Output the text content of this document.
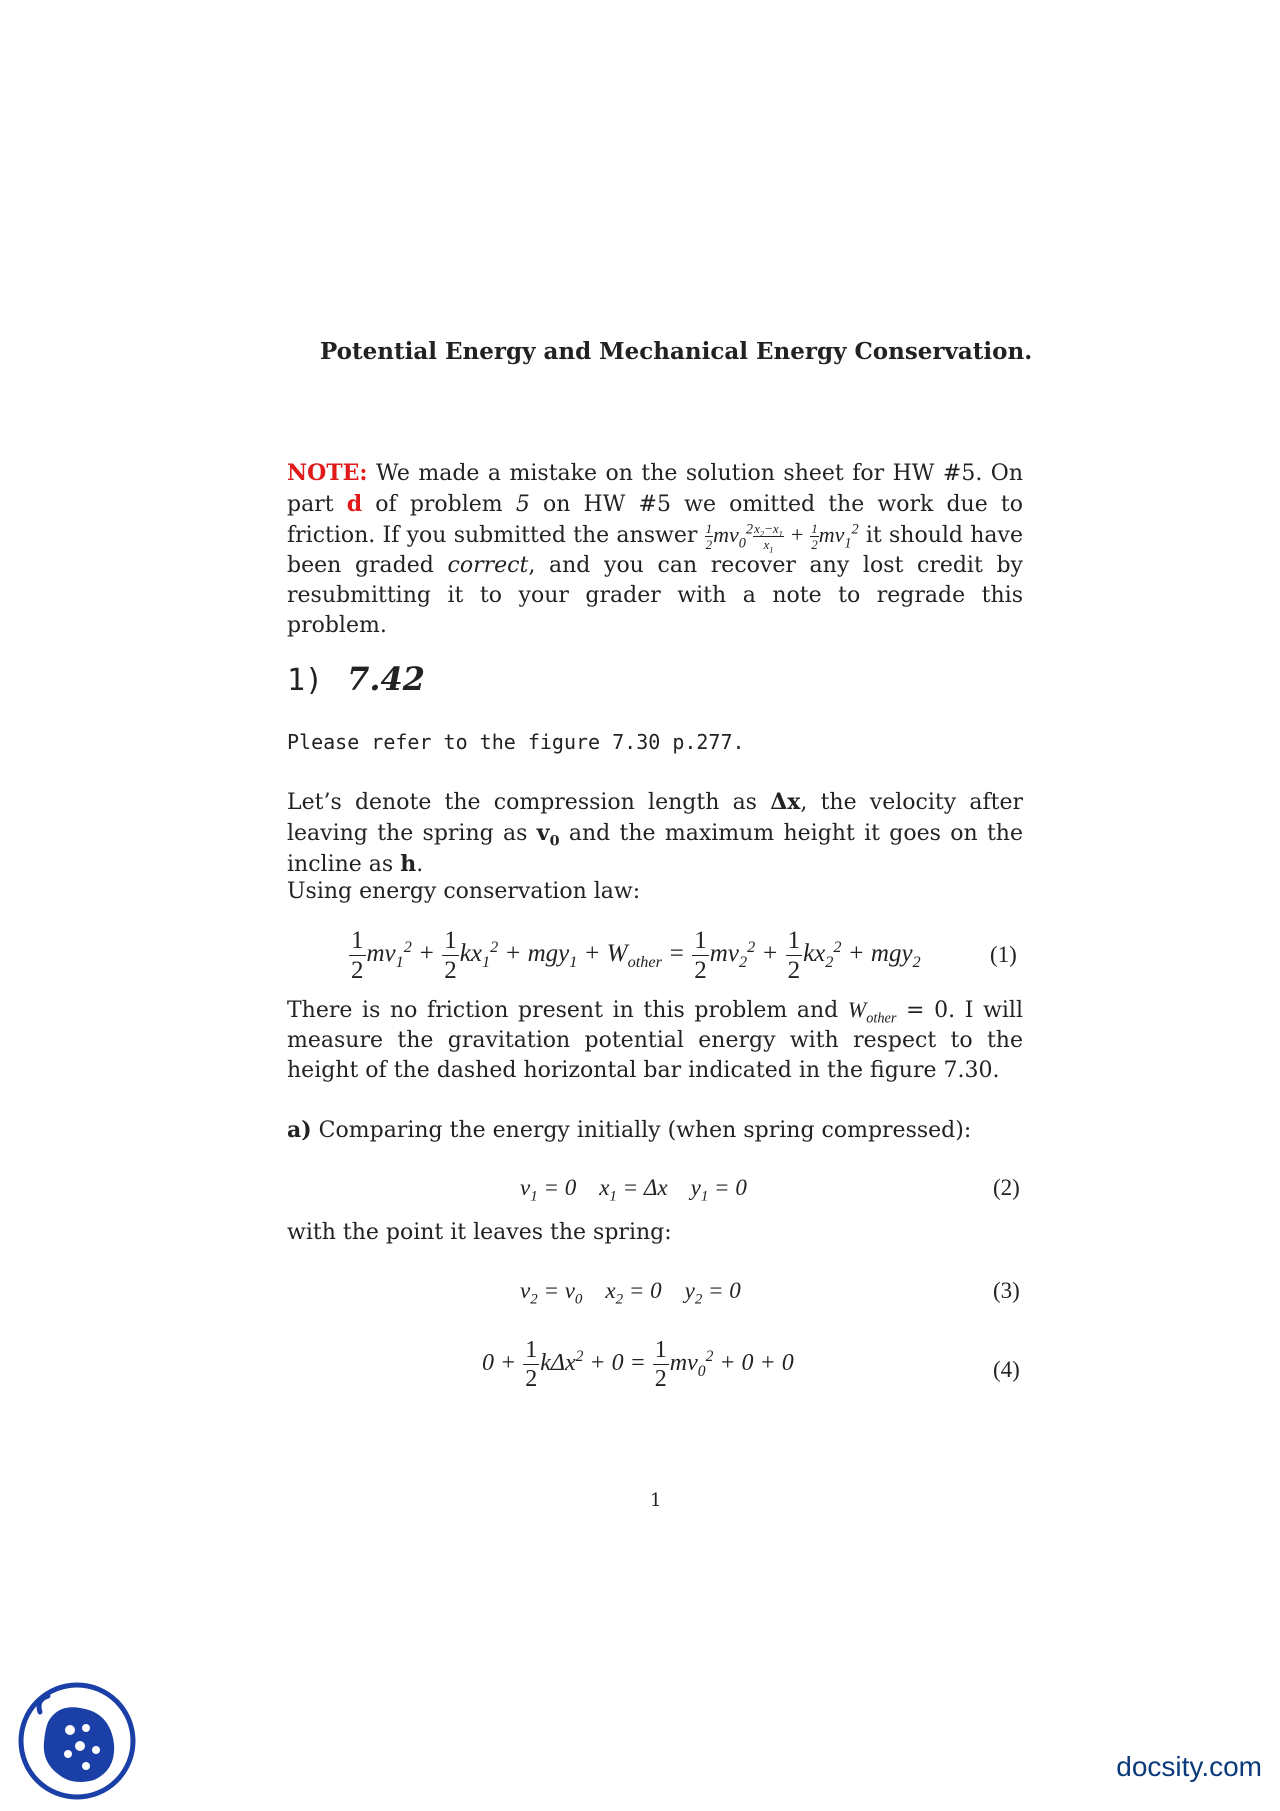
Potential Energy and Mechanical Energy Conservation.
NOTE: We made a mistake on the solution sheet for HW #5. On part d of problem 5 on HW #5 we omitted the work due to friction. If you submitted the answer $\frac{1}{2} mv_0^2 \frac{x_2-x_1}{x_1} + \frac{1}{2} mv_1^2$ it should have been graded correct, and you can recover any lost credit by resubmitting it to your grader with a note to regrade this problem.
1) 7.42
Please refer to the figure 7.30 p.277.
Let’s denote the compression length as Δx, the velocity after leaving the spring as $v_0$ and the maximum height it goes on the incline as h.
Using energy conservation law:
$\frac{1}{2} mv_1^2 + \frac{1}{2} kx_1^2 + mgy_1 + W_{other} = \frac{1}{2} mv_2^2 + \frac{1}{2} kx_2^2 + mgy_2$	(1)
There is no friction present in this problem and $W_{other} = 0$. I will measure the gravitation potential energy with respect to the height of the dashed horizontal bar indicated in the figure 7.30.
a) Comparing the energy initially (when spring compressed):
$v_1 = 0$    $x_1 = \Delta x$    $y_1 = 0$	(2)
with the point it leaves the spring:
$v_2 = v_0$    $x_2 = 0$    $y_2 = 0$	(3)
$0 + \frac{1}{2} k\Delta x^2 + 0 = \frac{1}{2} mv_0^2 + 0 + 0$	(4)
1
docsity.com
